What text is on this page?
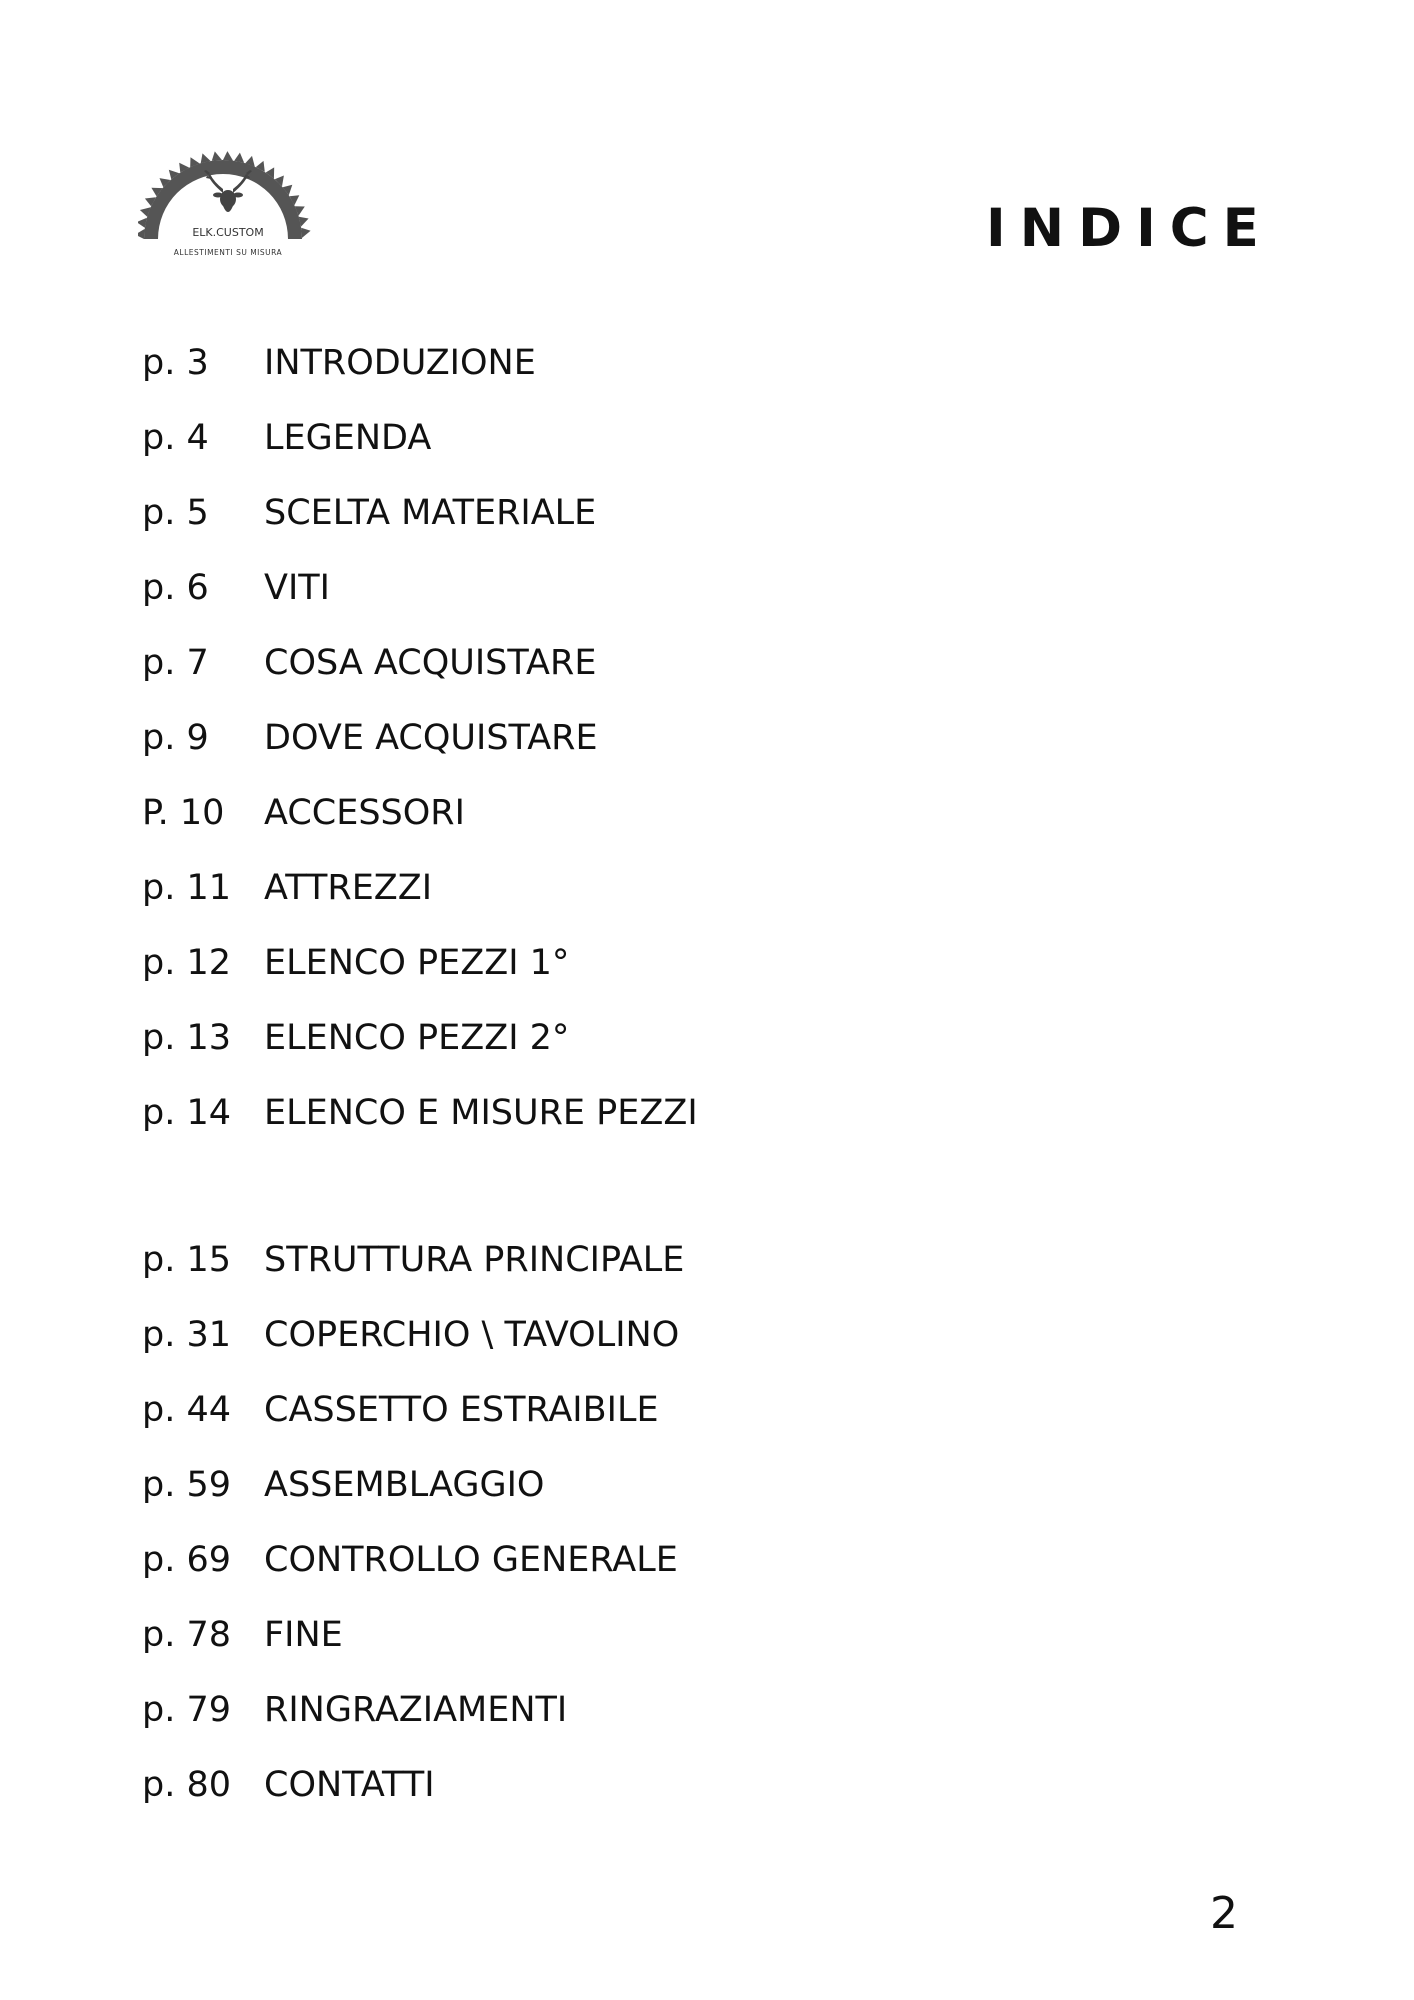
ELK.CUSTOM
ALLESTIMENTI SU MISURA	INDICE
p. 3 INTRODUZIONE
p. 4 LEGENDA
p. 5 SCELTA MATERIALE
p. 6 VITI
p. 7 COSA ACQUISTARE
p. 9 DOVE ACQUISTARE
P. 10 ACCESSORI
p. 11 ATTREZZI
p. 12 ELENCO PEZZI 1°
p. 13 ELENCO PEZZI 2°
p. 14 ELENCO E MISURE PEZZI
p. 15 STRUTTURA PRINCIPALE
p. 31 COPERCHIO \ TAVOLINO
p. 44 CASSETTO ESTRAIBILE
p. 59 ASSEMBLAGGIO
p. 69 CONTROLLO GENERALE
p. 78 FINE
p. 79 RINGRAZIAMENTI
p. 80 CONTATTI
2
